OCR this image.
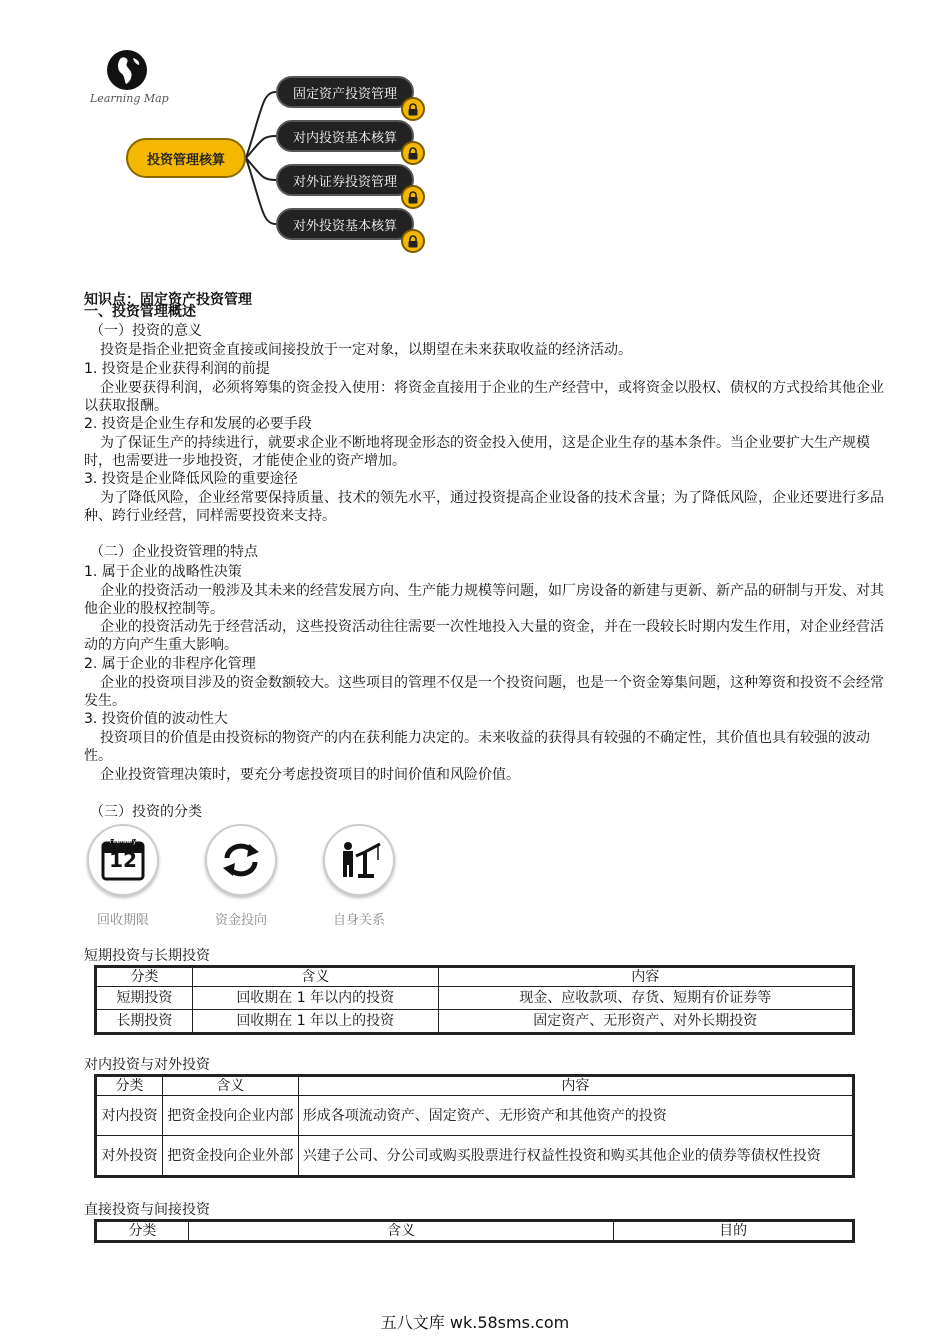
Learning Map
投资管理核算
固定资产投资管理
对内投资基本核算
对外证券投资管理
对外投资基本核算
知识点：固定资产投资管理
一、投资管理概述
（一）投资的意义
投资是指企业把资金直接或间接投放于一定对象，以期望在未来获取收益的经济活动。
1. 投资是企业获得利润的前提
企业要获得利润，必须将筹集的资金投入使用：将资金直接用于企业的生产经营中，或将资金以股权、债权的方式投给其他企业以获取报酬。
2. 投资是企业生存和发展的必要手段
为了保证生产的持续进行，就要求企业不断地将现金形态的资金投入使用，这是企业生存的基本条件。当企业要扩大生产规模时，也需要进一步地投资，才能使企业的资产增加。
3. 投资是企业降低风险的重要途径
为了降低风险，企业经常要保持质量、技术的领先水平，通过投资提高企业设备的技术含量；为了降低风险，企业还要进行多品种、跨行业经营，同样需要投资来支持。
（二）企业投资管理的特点
1. 属于企业的战略性决策
企业的投资活动一般涉及其未来的经营发展方向、生产能力规模等问题，如厂房设备的新建与更新、新产品的研制与开发、对其他企业的股权控制等。
企业的投资活动先于经营活动，这些投资活动往往需要一次性地投入大量的资金，并在一段较长时期内发生作用，对企业经营活动的方向产生重大影响。
2. 属于企业的非程序化管理
企业的投资项目涉及的资金数额较大。这些项目的管理不仅是一个投资问题，也是一个资金筹集问题，这种筹资和投资不会经常发生。
3. 投资价值的波动性大
投资项目的价值是由投资标的物资产的内在获利能力决定的。未来收益的获得具有较强的不确定性，其价值也具有较强的波动性。
企业投资管理决策时，要充分考虑投资项目的时间价值和风险价值。
（三）投资的分类
February
12
回收期限	资金投向	自身关系
短期投资与长期投资
分类	含义	内容
短期投资	回收期在 1 年以内的投资	现金、应收款项、存货、短期有价证券等
长期投资	回收期在 1 年以上的投资	固定资产、无形资产、对外长期投资
对内投资与对外投资
分类	含义	内容
对内投资	把资金投向企业内部	形成各项流动资产、固定资产、无形资产和其他资产的投资
对外投资	把资金投向企业外部	兴建子公司、分公司或购买股票进行权益性投资和购买其他企业的债券等债权性投资
直接投资与间接投资
分类	含义	目的
五八文库 wk.58sms.com
